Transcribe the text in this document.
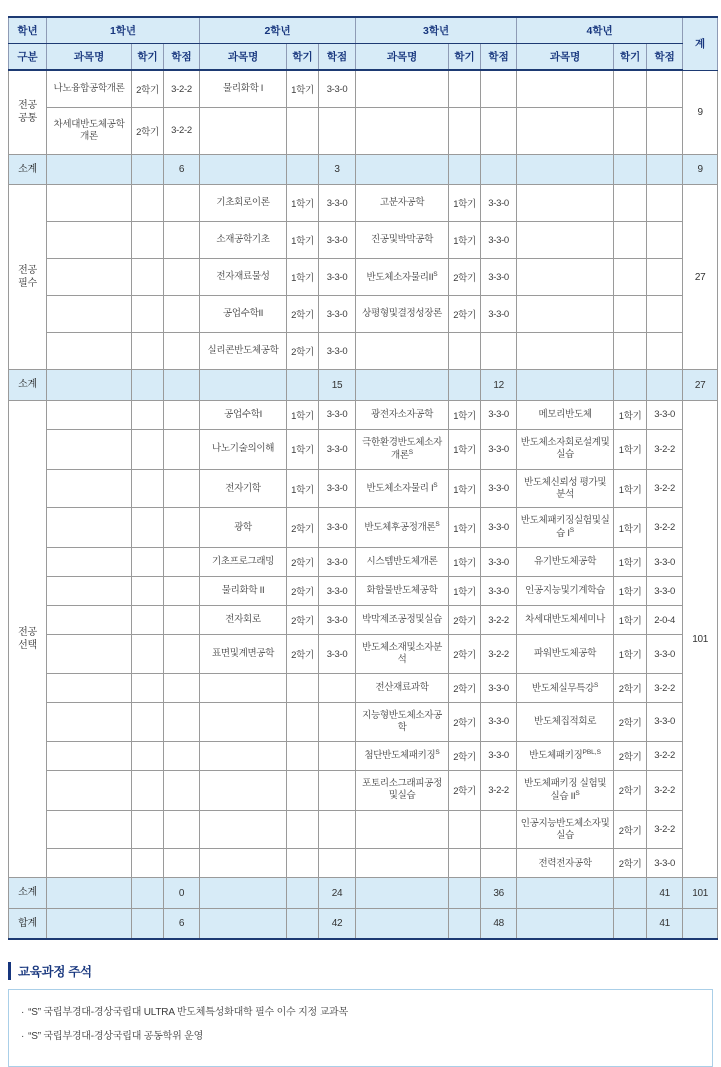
학년	1학년			2학년			3학년			4학년			계
구분	과목명	학기	학점	과목명	학기	학점	과목명	학기	학점	과목명	학기	학점	
전공공통	나노융합공학개론	2학기	3-2-2	물리화학 I	1학기	3-3-0							9
	차세대반도체공학개론	2학기	3-2-2										
소계			6			3							9
전공필수				기초회로이론	1학기	3-3-0	고분자공학	1학기	3-3-0				27
				소재공학기초	1학기	3-3-0	진공및박막공학	1학기	3-3-0				
				전자재료물성	1학기	3-3-0	반도체소자물리$II^S$	2학기	3-3-0				
				공업수학II	2학기	3-3-0	상평형및결정성장론	2학기	3-3-0				
				실리콘반도체공학	2학기	3-3-0							
소계						15			12				27
전공선택				공업수학I	1학기	3-3-0	광전자소자공학	1학기	3-3-0	메모리반도체	1학기	3-3-0	101
				나노기술의이해	1학기	3-3-0	극한환경반도체소자개론$^S$	1학기	3-3-0	반도체소자회로설계및실습	1학기	3-2-2	
				전자기학	1학기	3-3-0	반도체소자물리 $I^S$	1학기	3-3-0	반도체신뢰성 평가및분석	1학기	3-2-2	
				광학	2학기	3-3-0	반도체후공정개론$^S$	1학기	3-3-0	반도체패키징실험및실습 $I^S$	1학기	3-2-2	
				기초프로그래밍	2학기	3-3-0	시스템반도체개론	1학기	3-3-0	유기반도체공학	1학기	3-3-0	
				물리화학 II	2학기	3-3-0	화합물반도체공학	1학기	3-3-0	인공지능및기계학습	1학기	3-3-0	
				전자회로	2학기	3-3-0	박막제조공정및실습	2학기	3-2-2	차세대반도체세미나	1학기	2-0-4	
				표면및계면공학	2학기	3-3-0	반도체소재및소자분석	2학기	3-2-2	파워반도체공학	1학기	3-3-0	
							전산재료과학	2학기	3-3-0	반도체실무특강$^S$	2학기	3-2-2	
							지능형반도체소자공학	2학기	3-3-0	반도체집적회로	2학기	3-3-0	
							첨단반도체패키징$^S$	2학기	3-3-0	반도체패키징$^{PBL,S}$	2학기	3-2-2	
							포토리소그래피공정및실습	2학기	3-2-2	반도체패키징 실험및실습 $II^S$	2학기	3-2-2	
										인공지능반도체소자및실습	2학기	3-2-2	
										전력전자공학	2학기	3-3-0	
소계			0			24			36			41	101
합계			6			42			48			41	
교육과정 주석
· “S” 국립부경대-경상국립대 ULTRA 반도체특성화대학 필수 이수 지정 교과목
· “S” 국립부경대-경상국립대 공동학위 운영
